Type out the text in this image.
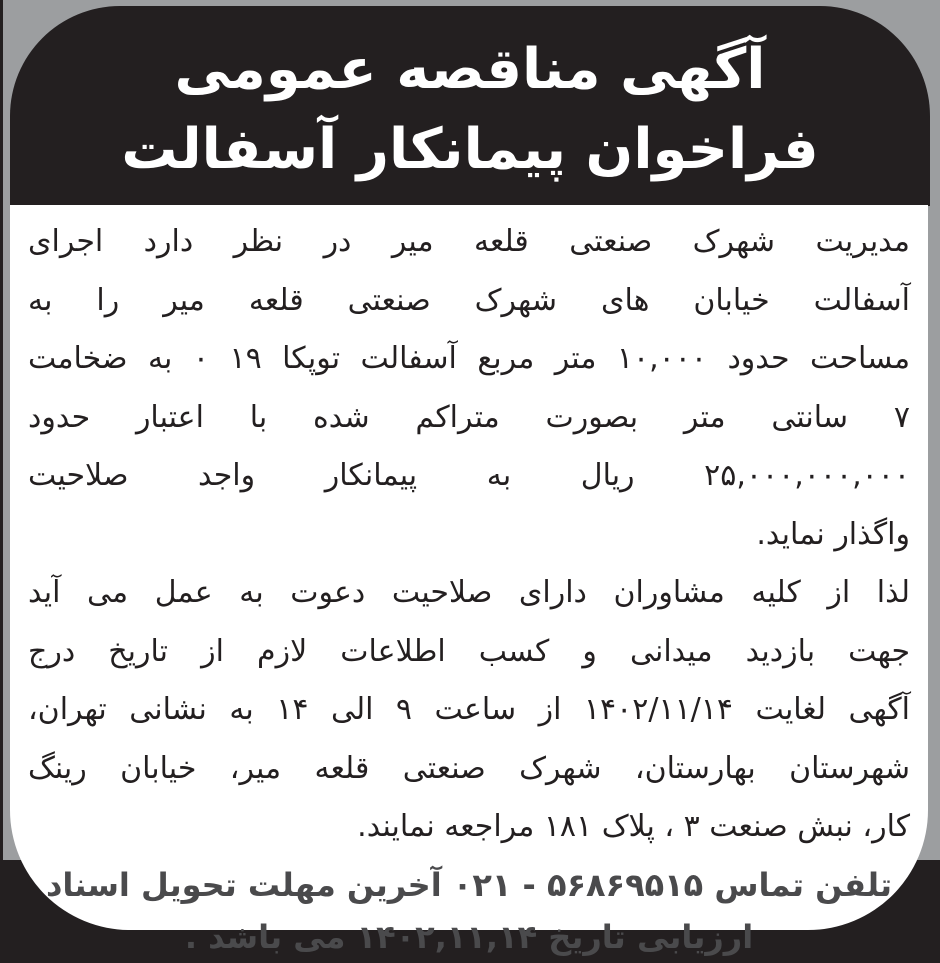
آگهی مناقصه عمومی
فراخوان پیمانکار آسفالت
مدیریت شهرک صنعتی قلعه میر در نظر دارد اجرای
آسفالت خیابان های شهرک صنعتی قلعه میر را به
مساحت حدود ۱۰,۰۰۰ متر مربع آسفالت توپکا ۱۹ ۰ به ضخامت
۷ سانتی متر بصورت متراکم شده با اعتبار حدود
۲۵,۰۰۰,۰۰۰,۰۰۰ ریال به پیمانکار واجد صلاحیت
واگذار نماید.
لذا از کلیه مشاوران دارای صلاحیت دعوت به عمل می آید
جهت بازدید میدانی و کسب اطلاعات لازم از تاریخ درج
آگهی لغایت ۱۴۰۲/۱۱/۱۴ از ساعت ۹ الی ۱۴ به نشانی تهران،
شهرستان بهارستان، شهرک صنعتی قلعه میر، خیابان رینگ
کار، نبش صنعت ۳ ، پلاک ۱۸۱ مراجعه نمایند.
تلفن تماس ۵۶۸۶۹۵۱۵ - ۰۲۱ آخرین مهلت تحویل اسناد
ارزیابی تاریخ ۱۴۰۲,۱۱,۱۴ می باشد .
